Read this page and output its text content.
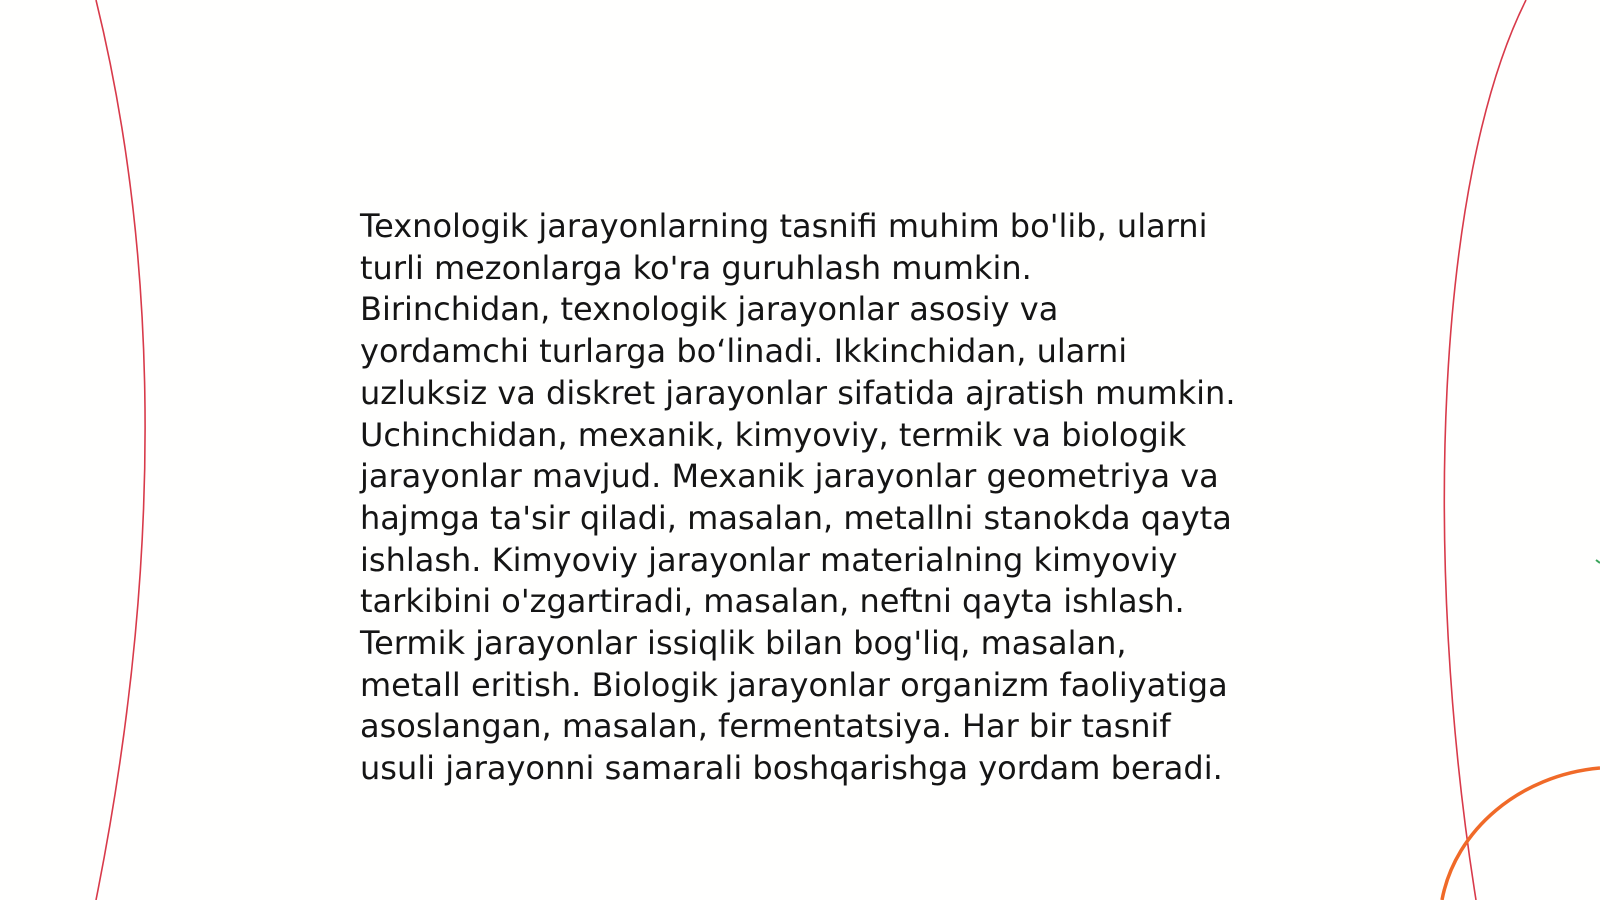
Texnologik jarayonlarning tasnifi muhim bo'lib, ularni
turli mezonlarga ko'ra guruhlash mumkin.
Birinchidan, texnologik jarayonlar asosiy va
yordamchi turlarga boʻlinadi. Ikkinchidan, ularni
uzluksiz va diskret jarayonlar sifatida ajratish mumkin.
Uchinchidan, mexanik, kimyoviy, termik va biologik
jarayonlar mavjud. Mexanik jarayonlar geometriya va
hajmga ta'sir qiladi, masalan, metallni stanokda qayta
ishlash. Kimyoviy jarayonlar materialning kimyoviy
tarkibini o'zgartiradi, masalan, neftni qayta ishlash.
Termik jarayonlar issiqlik bilan bog'liq, masalan,
metall eritish. Biologik jarayonlar organizm faoliyatiga
asoslangan, masalan, fermentatsiya. Har bir tasnif
usuli jarayonni samarali boshqarishga yordam beradi.
